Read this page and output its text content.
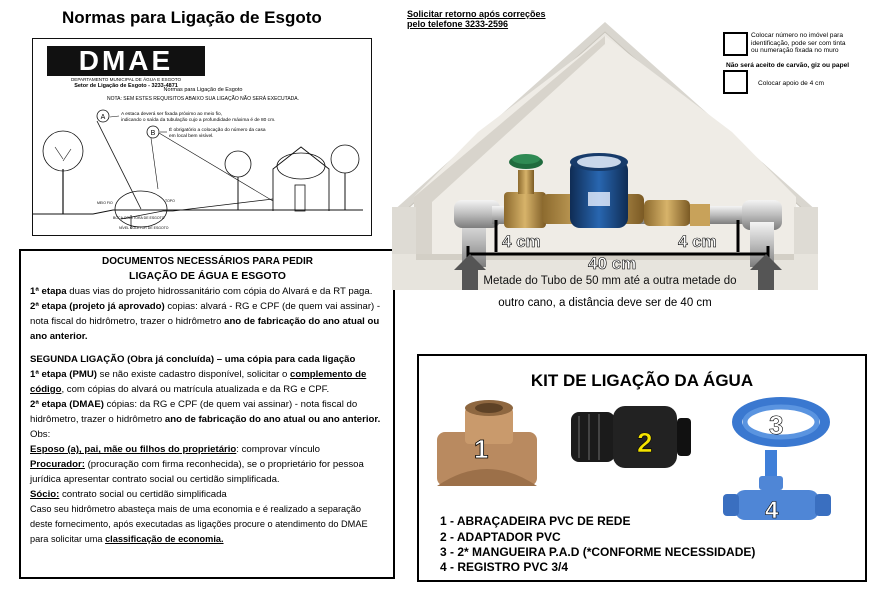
Normas para Ligação de Esgoto
DMAE
DEPARTAMENTO MUNICIPAL DE ÁGUA E ESGOTO
Setor de Ligação de Esgoto - 3233-4871
Normas para Ligação de Esgoto
NOTA: SEM ESTES REQUISITOS ABAIXO SUA LIGAÇÃO NÃO SERÁ EXECUTADA.
A estaca deverá ser fixada próximo ao meio fio,
indicando o saída da tubulação cujo a profundidade máxima é de 80 cm.
É obrigatório a colocação do número da casa
em local bem visível.
A
B
MEIO FIO
BOCA COLETORA DE ESGOTO
NÍVEL COLETOR DE ESGOTO
TOPO
DOCUMENTOS NECESSÁRIOS PARA PEDIR
LIGAÇÃO DE ÁGUA E ESGOTO

1ª etapa duas vias do projeto hidrossanitário com cópia do Alvará e da RT paga.

2ª etapa (projeto já aprovado) copias: alvará - RG e CPF (de quem vai assinar) - nota fiscal do hidrômetro, trazer o hidrômetro ano de fabricação do ano atual ou ano anterior.

SEGUNDA LIGAÇÃO (Obra já concluída) – uma cópia para cada ligação

1ª etapa (PMU) se não existe cadastro disponível, solicitar o complemento de código, com cópias do alvará ou matrícula atualizada e da RG e CPF.

2ª etapa (DMAE) cópias: da RG e CPF (de quem vai assinar) - nota fiscal do hidrômetro, trazer o hidrômetro ano de fabricação do ano atual ou ano anterior.

Obs:

Esposo (a), pai, mãe ou filhos do proprietário: comprovar vínculo

Procurador: (procuração com firma reconhecida), se o proprietário for pessoa jurídica apresentar contrato social ou certidão simplificada.

Sócio: contrato social ou certidão simplificada

Caso seu hidrômetro abasteça mais de uma economia e é realizado a separação deste fornecimento, após executadas as ligações procure o atendimento do DMAE para solicitar uma classificação de economia.

Solicitar retorno após correções
pelo telefone 3233-2596
4 cm	4 cm
40 cm
Metade do Tubo de 50 mm até a outra metade do
outro cano, a distância deve ser de 40 cm
Colocar número no imóvel para
identificação, pode ser com tinta
ou numeração fixada no muro
Não será aceito de carvão, giz ou papel
Colocar apoio de 4 cm
1	2
3
4
KIT DE LIGAÇÃO DA ÁGUA
1 - ABRAÇADEIRA PVC DE REDE
2 - ADAPTADOR PVC
3 - 2* MANGUEIRA P.A.D (*CONFORME NECESSIDADE)
4 - REGISTRO PVC 3/4
